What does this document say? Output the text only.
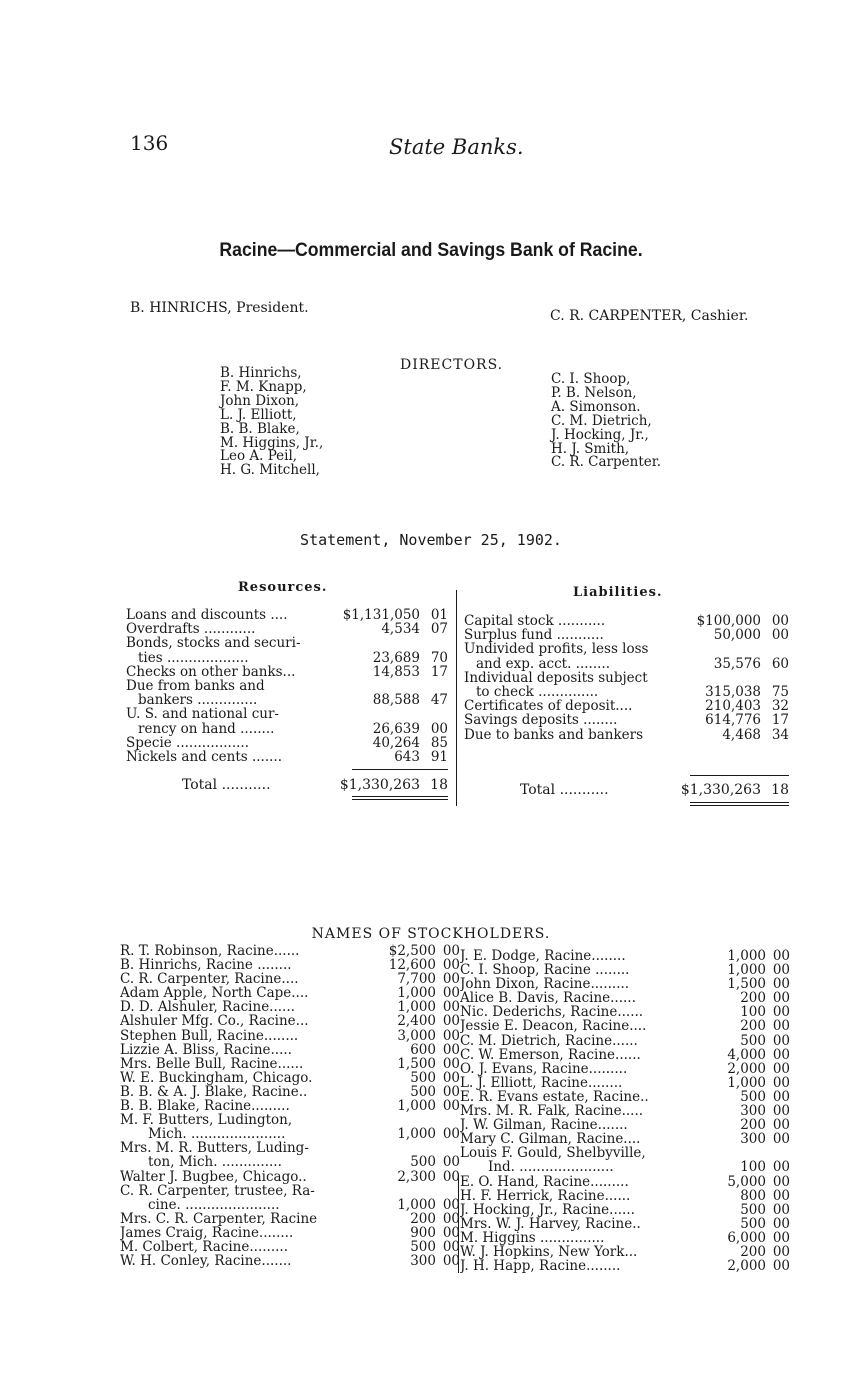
136	State Banks.
Racine—Commercial and Savings Bank of Racine.
B. HINRICHS, President.	C. R. CARPENTER, Cashier.
DIRECTORS.
B. Hinrichs,
F. M. Knapp,
John Dixon,
L. J. Elliott,
B. B. Blake,
M. Higgins, Jr.,
Leo A. Peil,
H. G. Mitchell,
C. I. Shoop,
P. B. Nelson,
A. Simonson.
C. M. Dietrich,
J. Hocking, Jr.,
H. J. Smith,
C. R. Carpenter.
Statement, November 25, 1902.
Resources.	Liabilities.
Loans and discounts ....	$1,131,050 01
Overdrafts ............	4,534 07
Bonds, stocks and securi-
ties ...................	23,689 70
Checks on other banks...	14,853 17
Due from banks and
bankers ..............	88,588 47
U. S. and national cur-
rency on hand ........	26,639 00
Specie .................	40,264 85
Nickels and cents .......	643 91
Capital stock ...........	$100,000 00
Surplus fund ...........	50,000 00
Undivided profits, less loss
and exp. acct. ........	35,576 60
Individual deposits subject
to check ..............	315,038 75
Certificates of deposit....	210,403 32
Savings deposits ........	614,776 17
Due to banks and bankers	4,468 34
Total ...........	$1,330,263 18	Total ...........	$1,330,263 18
NAMES OF STOCKHOLDERS.
R. T. Robinson, Racine......	$2,500 00
B. Hinrichs, Racine ........	12,600 00
C. R. Carpenter, Racine....	7,700 00
Adam Apple, North Cape....	1,000 00
D. D. Alshuler, Racine......	1,000 00
Alshuler Mfg. Co., Racine...	2,400 00
Stephen Bull, Racine........	3,000 00
Lizzie A. Bliss, Racine.....	600 00
Mrs. Belle Bull, Racine......	1,500 00
W. E. Buckingham, Chicago.	500 00
B. B. & A. J. Blake, Racine..	500 00
B. B. Blake, Racine.........	1,000 00
M. F. Butters, Ludington,
Mich. ......................	1,000 00
Mrs. M. R. Butters, Luding-
ton, Mich. ..............	500 00
Walter J. Bugbee, Chicago..	2,300 00
C. R. Carpenter, trustee, Ra-
cine. ......................	1,000 00
Mrs. C. R. Carpenter, Racine	200 00
James Craig, Racine........	900 00
M. Colbert, Racine.........	500 00
W. H. Conley, Racine.......	300 00
J. E. Dodge, Racine........	1,000 00
C. I. Shoop, Racine ........	1,000 00
John Dixon, Racine.........	1,500 00
Alice B. Davis, Racine......	200 00
Nic. Dederichs, Racine......	100 00
Jessie E. Deacon, Racine....	200 00
C. M. Dietrich, Racine......	500 00
C. W. Emerson, Racine......	4,000 00
O. J. Evans, Racine.........	2,000 00
L. J. Elliott, Racine........	1,000 00
E. R. Evans estate, Racine..	500 00
Mrs. M. R. Falk, Racine.....	300 00
J. W. Gilman, Racine.......	200 00
Mary C. Gilman, Racine....	300 00
Louis F. Gould, Shelbyville,
Ind. ......................	100 00
E. O. Hand, Racine.........	5,000 00
H. F. Herrick, Racine......	800 00
J. Hocking, Jr., Racine......	500 00
Mrs. W. J. Harvey, Racine..	500 00
M. Higgins ...............	6,000 00
W. J. Hopkins, New York...	200 00
J. H. Happ, Racine........	2,000 00
